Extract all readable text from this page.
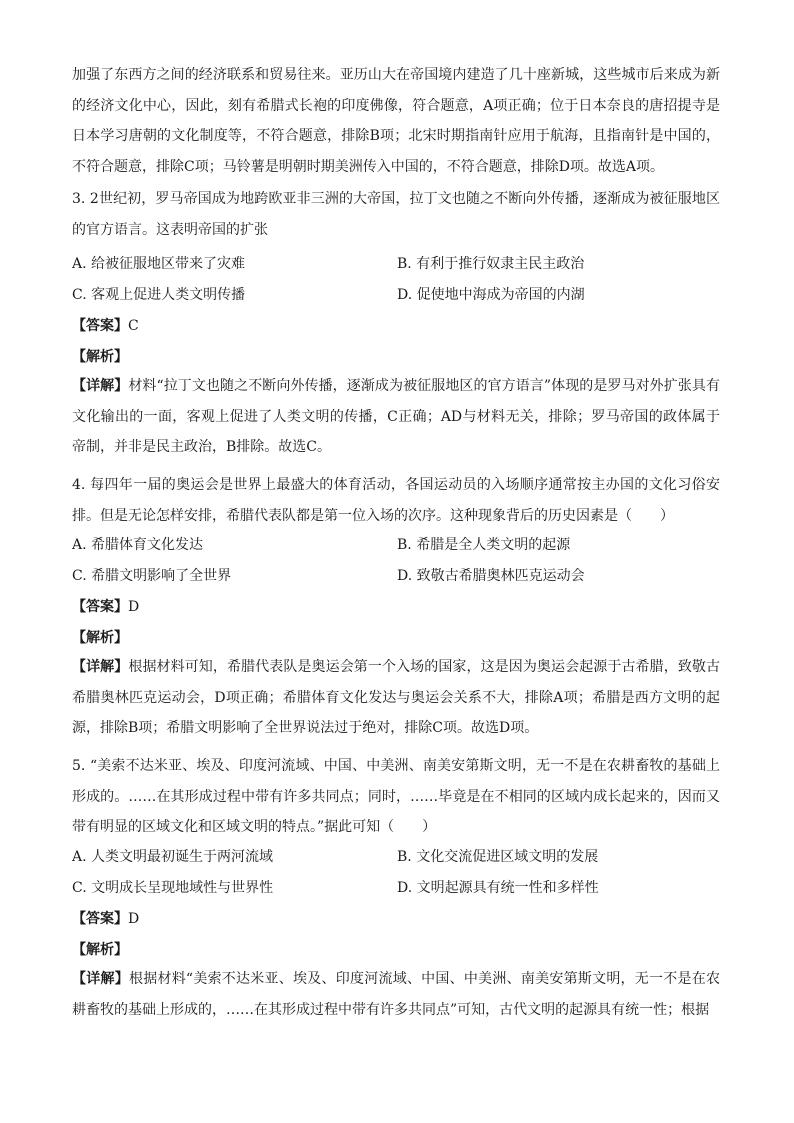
加强了东西方之间的经济联系和贸易往来。亚历山大在帝国境内建造了几十座新城，这些城市后来成为新的经济文化中心，因此，刻有希腊式长袍的印度佛像，符合题意，A项正确；位于日本奈良的唐招提寺是日本学习唐朝的文化制度等，不符合题意，排除B项；北宋时期指南针应用于航海，且指南针是中国的，不符合题意，排除C项；马铃薯是明朝时期美洲传入中国的，不符合题意，排除D项。故选A项。

3. 2世纪初，罗马帝国成为地跨欧亚非三洲的大帝国，拉丁文也随之不断向外传播，逐渐成为被征服地区的官方语言。这表明帝国的扩张

A. 给被征服地区带来了灾难	B. 有利于推行奴隶主民主政治
C. 客观上促进人类文明传播	D. 促使地中海成为帝国的内湖
【答案】C
【解析】

【详解】材料“拉丁文也随之不断向外传播，逐渐成为被征服地区的官方语言”体现的是罗马对外扩张具有文化输出的一面，客观上促进了人类文明的传播，C正确；AD与材料无关，排除；罗马帝国的政体属于帝制，并非是民主政治，B排除。故选C。

4. 每四年一届的奥运会是世界上最盛大的体育活动，各国运动员的入场顺序通常按主办国的文化习俗安排。但是无论怎样安排，希腊代表队都是第一位入场的次序。这种现象背后的历史因素是（　　）

A. 希腊体育文化发达	B. 希腊是全人类文明的起源
C. 希腊文明影响了全世界	D. 致敬古希腊奥林匹克运动会
【答案】D
【解析】

【详解】根据材料可知，希腊代表队是奥运会第一个入场的国家，这是因为奥运会起源于古希腊，致敬古希腊奥林匹克运动会，D项正确；希腊体育文化发达与奥运会关系不大，排除A项；希腊是西方文明的起源，排除B项；希腊文明影响了全世界说法过于绝对，排除C项。故选D项。

5. “美索不达米亚、埃及、印度河流域、中国、中美洲、南美安第斯文明，无一不是在农耕畜牧的基础上形成的。……在其形成过程中带有许多共同点；同时，……毕竟是在不相同的区域内成长起来的，因而又带有明显的区域文化和区域文明的特点。”据此可知（　　）

A. 人类文明最初诞生于两河流域	B. 文化交流促进区域文明的发展
C. 文明成长呈现地域性与世界性	D. 文明起源具有统一性和多样性
【答案】D
【解析】

【详解】根据材料“美索不达米亚、埃及、印度河流域、中国、中美洲、南美安第斯文明，无一不是在农耕畜牧的基础上形成的，……在其形成过程中带有许多共同点”可知，古代文明的起源具有统一性；根据
